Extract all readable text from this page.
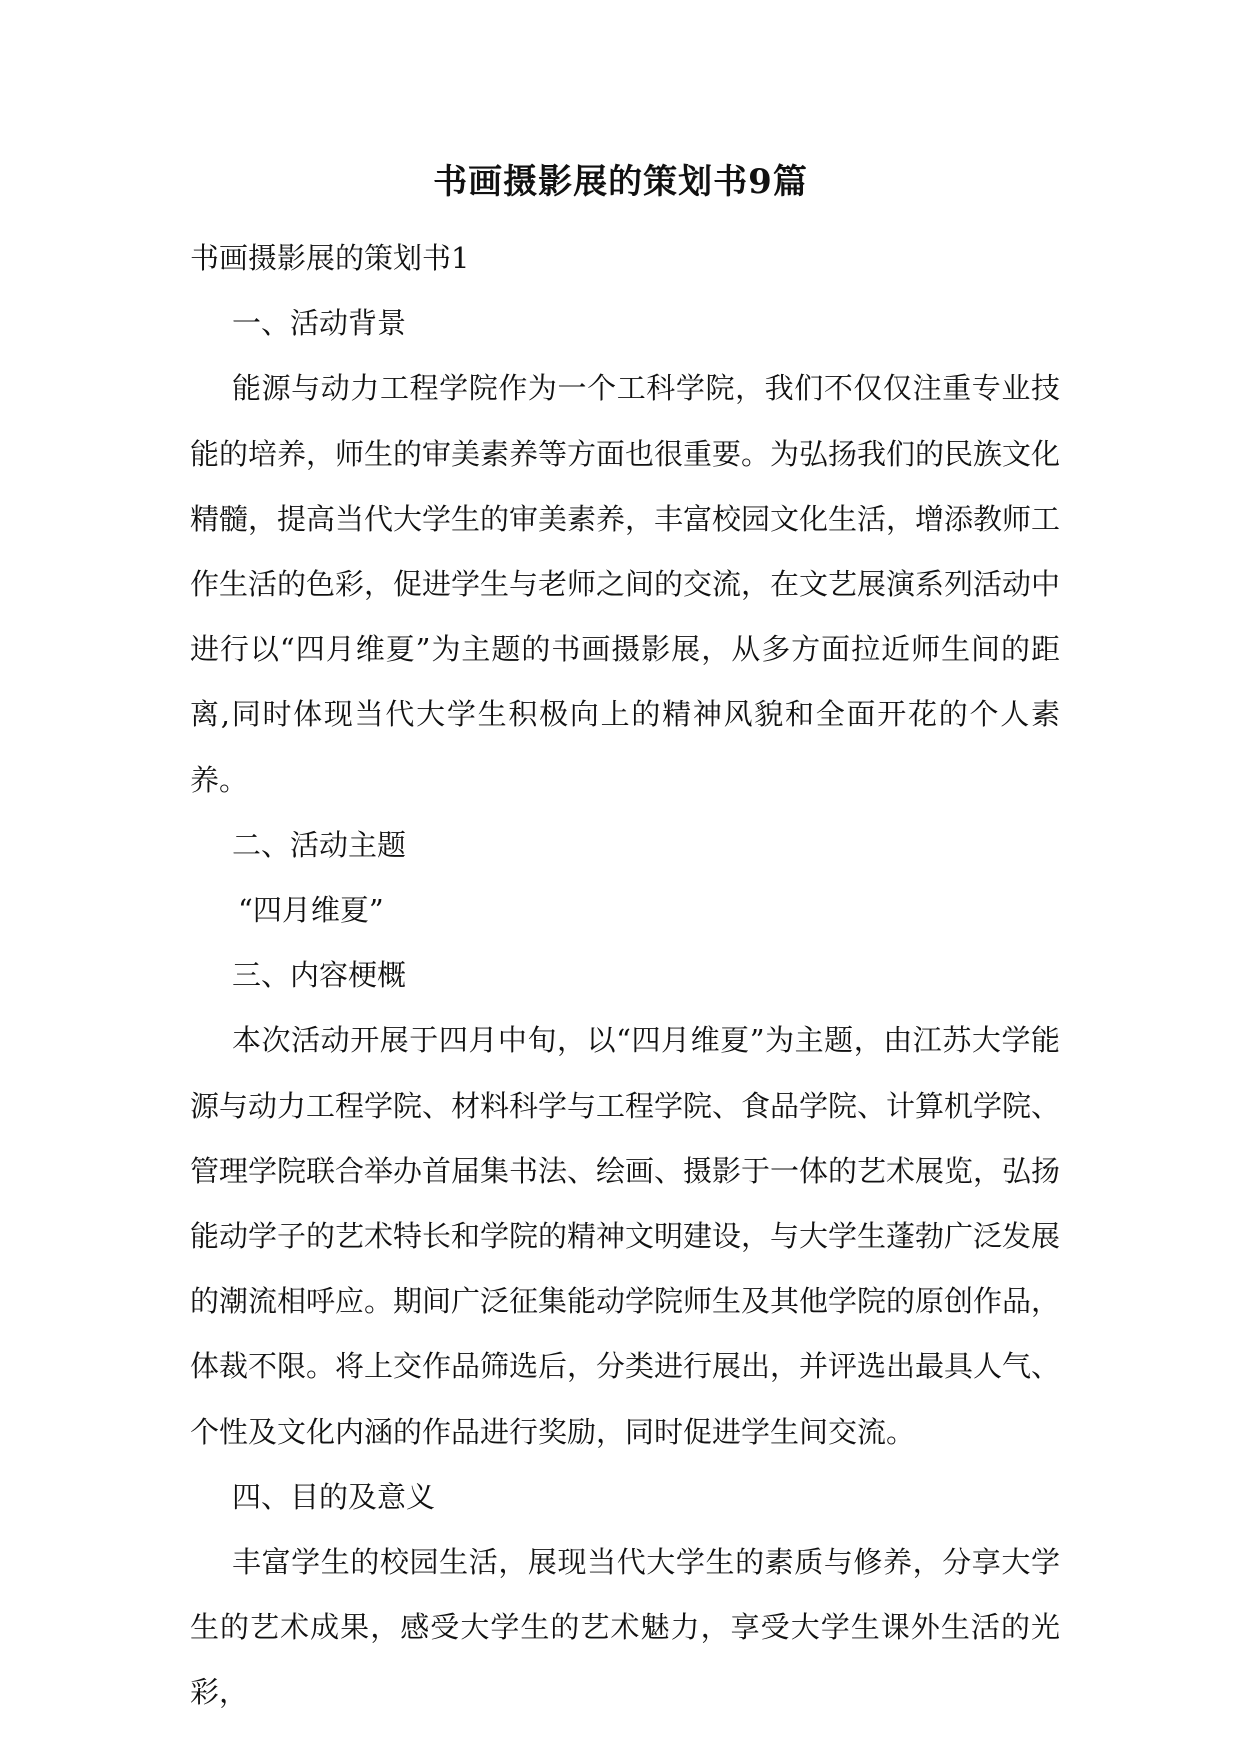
书画摄影展的策划书9篇

书画摄影展的策划书1

一、活动背景

能源与动力工程学院作为一个工科学院，我们不仅仅注重专业技能的培养，师生的审美素养等方面也很重要。为弘扬我们的民族文化精髓，提高当代大学生的审美素养，丰富校园文化生活，增添教师工作生活的色彩，促进学生与老师之间的交流，在文艺展演系列活动中进行以“四月维夏”为主题的书画摄影展，从多方面拉近师生间的距离,同时体现当代大学生积极向上的精神风貌和全面开花的个人素养。

二、活动主题

“四月维夏”

三、内容梗概

本次活动开展于四月中旬，以“四月维夏”为主题，由江苏大学能源与动力工程学院、材料科学与工程学院、食品学院、计算机学院、管理学院联合举办首届集书法、绘画、摄影于一体的艺术展览，弘扬能动学子的艺术特长和学院的精神文明建设，与大学生蓬勃广泛发展的潮流相呼应。期间广泛征集能动学院师生及其他学院的原创作品，体裁不限。将上交作品筛选后，分类进行展出，并评选出最具人气、个性及文化内涵的作品进行奖励，同时促进学生间交流。

四、目的及意义

丰富学生的校园生活，展现当代大学生的素质与修养，分享大学生的艺术成果，感受大学生的艺术魅力，享受大学生课外生活的光彩，
